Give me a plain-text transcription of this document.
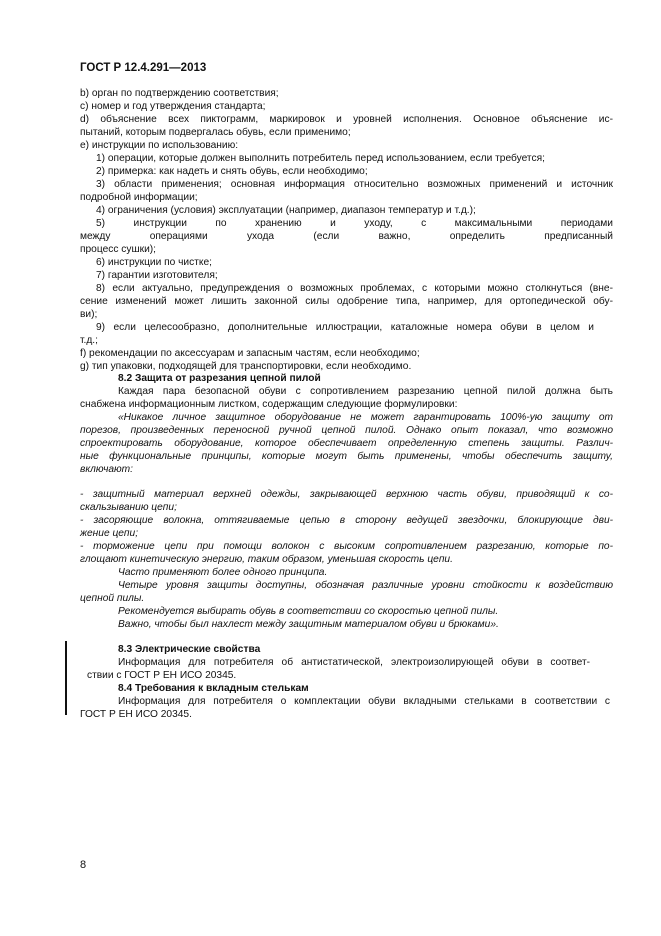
ГОСТ Р 12.4.291—2013
b) орган по подтверждению соответствия;
c) номер и год утверждения стандарта;
d) объяснение всех пиктограмм, маркировок и уровней исполнения. Основное объяснение ис-
пытаний, которым подвергалась обувь, если применимо;
e) инструкции по использованию:
1) операции, которые должен выполнить потребитель перед использованием, если требуется;
2) примерка: как надеть и снять обувь, если необходимо;
3) области применения; основная информация относительно возможных применений и источник
подробной информации;
4) ограничения (условия) эксплуатации (например, диапазон температур и т.д.);
5) инструкции по хранению и уходу, с максимальными периодами
между операциями ухода (если важно, определить предписанный
процесс сушки);
6) инструкции по чистке;
7) гарантии изготовителя;
8) если актуально, предупреждения о возможных проблемах, с которыми можно столкнуться (вне-
сение изменений может лишить законной силы одобрение типа, например, для ортопедической обу-
ви);
9) если целесообразно, дополнительные иллюстрации, каталожные номера обуви в целом и
т.д.;
f) рекомендации по аксессуарам и запасным частям, если необходимо;
g) тип упаковки, подходящей для транспортировки, если необходимо.
8.2 Защита от разрезания цепной пилой
Каждая пара безопасной обуви с сопротивлением разрезанию цепной пилой должна быть
снабжена информационным листком, содержащим следующие формулировки:
«Никакое личное защитное оборудование не может гарантировать 100%-ую защиту от
порезов, произведенных переносной ручной цепной пилой. Однако опыт показал, что возможно
спроектировать оборудование, которое обеспечивает определенную степень защиты. Различ-
ные функциональные принципы, которые могут быть применены, чтобы обеспечить защиту,
включают:
- защитный материал верхней одежды, закрывающей верхнюю часть обуви, приводящий к со-
скальзыванию цепи;
- засоряющие волокна, оттягиваемые цепью в сторону ведущей звездочки, блокирующие дви-
жение цепи;
- торможение цепи при помощи волокон с высоким сопротивлением разрезанию, которые по-
глощают кинетическую энергию, таким образом, уменьшая скорость цепи.
Часто применяют более одного принципа.
Четыре уровня защиты доступны, обозначая различные уровни стойкости к воздействию
цепной пилы.
Рекомендуется выбирать обувь в соответствии со скоростью цепной пилы.
Важно, чтобы был нахлест между защитным материалом обуви и брюками».
8.3 Электрические свойства
Информация для потребителя об антистатической, электроизолирующей обуви в соответ-
ствии с ГОСТ Р ЕН ИСО 20345.
8.4 Требования к вкладным стелькам
Информация для потребителя о комплектации обуви вкладными стельками в соответствии с
ГОСТ Р ЕН ИСО 20345.
8
